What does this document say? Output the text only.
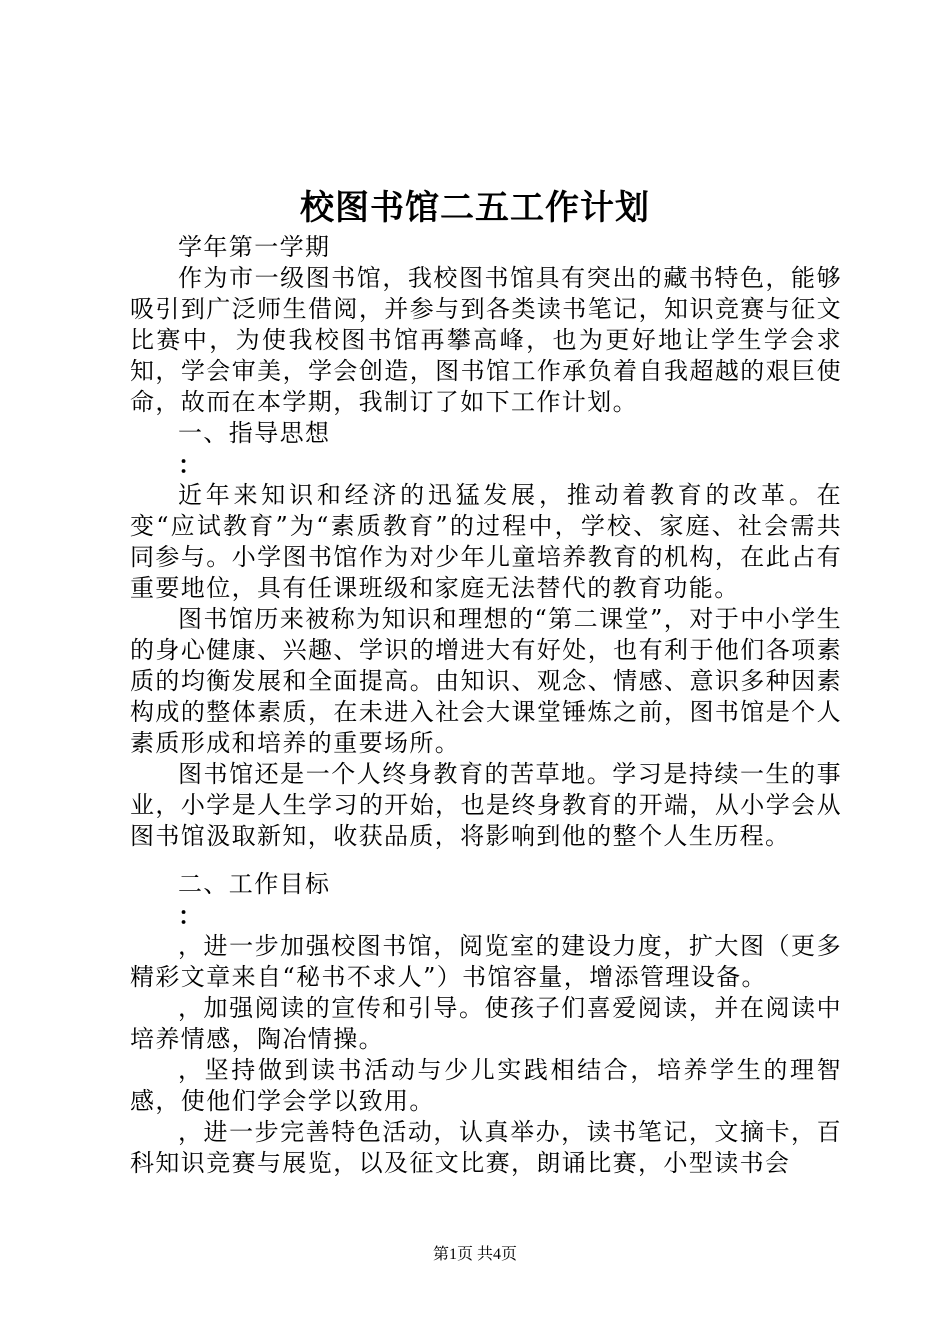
校图书馆二五工作计划

学年第一学期

作为市一级图书馆，我校图书馆具有突出的藏书特色，能够吸引到广泛师生借阅，并参与到各类读书笔记，知识竞赛与征文比赛中，为使我校图书馆再攀高峰，也为更好地让学生学会求知，学会审美，学会创造，图书馆工作承负着自我超越的艰巨使命，故而在本学期，我制订了如下工作计划。

一、指导思想

：

近年来知识和经济的迅猛发展，推动着教育的改革。在变“应试教育”为“素质教育”的过程中，学校、家庭、社会需共同参与。小学图书馆作为对少年儿童培养教育的机构，在此占有重要地位，具有任课班级和家庭无法替代的教育功能。

图书馆历来被称为知识和理想的“第二课堂”，对于中小学生的身心健康、兴趣、学识的增进大有好处，也有利于他们各项素质的均衡发展和全面提高。由知识、观念、情感、意识多种因素构成的整体素质，在未进入社会大课堂锤炼之前，图书馆是个人素质形成和培养的重要场所。

图书馆还是一个人终身教育的苦草地。学习是持续一生的事业，小学是人生学习的开始，也是终身教育的开端，从小学会从图书馆汲取新知，收获品质，将影响到他的整个人生历程。

二、工作目标

：

，进一步加强校图书馆，阅览室的建设力度，扩大图（更多精彩文章来自“秘书不求人”）书馆容量，增添管理设备。

，加强阅读的宣传和引导。使孩子们喜爱阅读，并在阅读中培养情感，陶冶情操。

，坚持做到读书活动与少儿实践相结合，培养学生的理智感，使他们学会学以致用。

，进一步完善特色活动，认真举办，读书笔记，文摘卡，百科知识竞赛与展览，以及征文比赛，朗诵比赛，小型读书会

第1页 共4页
